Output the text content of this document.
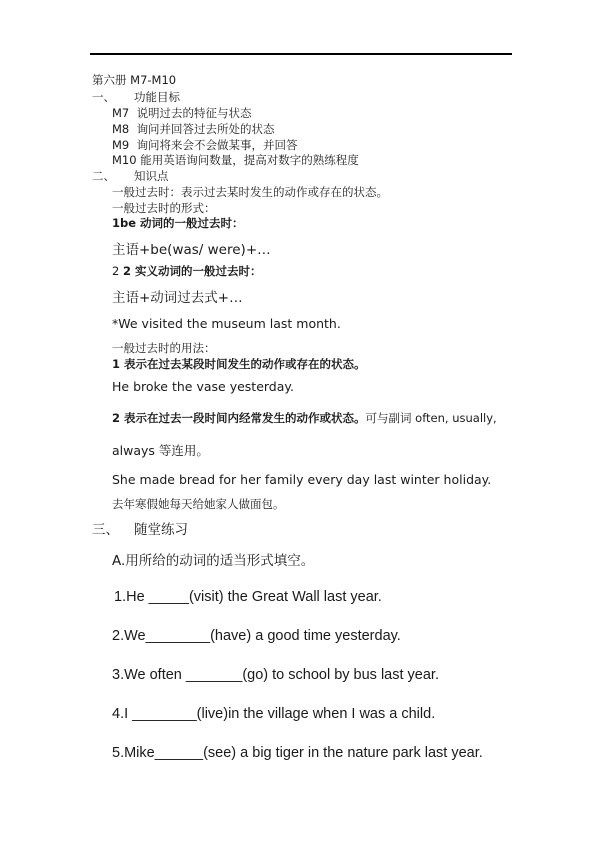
第六册 M7-M10
一、 功能目标
M7 说明过去的特征与状态
M8 询问并回答过去所处的状态
M9 询问将来会不会做某事，并回答
M10 能用英语询问数量，提高对数字的熟练程度
二、 知识点
一般过去时：表示过去某时发生的动作或存在的状态。
一般过去时的形式：
1be 动词的一般过去时：
主语+be(was/ were)+…
2 2 实义动词的一般过去时：
主语+动词过去式+…
*We visited the museum last month.
一般过去时的用法：
1 表示在过去某段时间发生的动作或存在的状态。
He broke the vase yesterday.
2 表示在过去一段时间内经常发生的动作或状态。可与副词 often, usually,
always 等连用。
She made bread for her family every day last winter holiday.
去年寒假她每天给她家人做面包。
三、 随堂练习
A.用所给的动词的适当形式填空。
1.He _____(visit) the Great Wall last year.
2.We________(have) a good time yesterday.
3.We often _______(go) to school by bus last year.
4.I ________(live)in the village when I was a child.
5.Mike______(see) a big tiger in the nature park last year.
